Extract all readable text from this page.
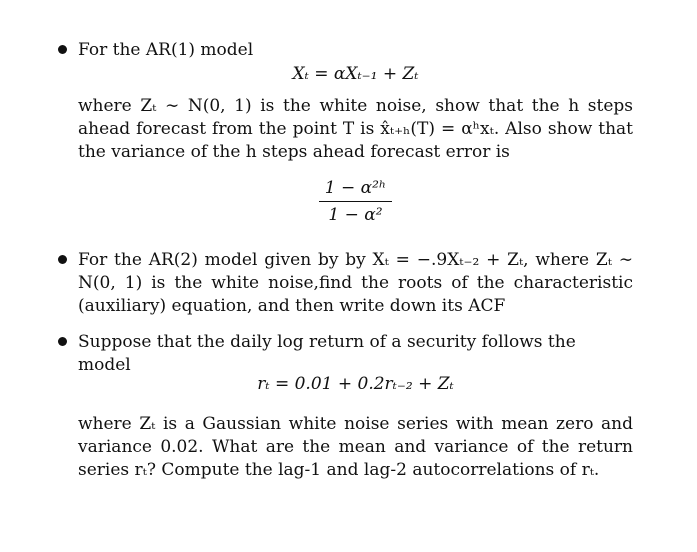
For the AR(1) model
Xₜ = αXₜ₋₁ + Zₜ
where Zₜ ∼ N(0, 1) is the white noise, show that the h steps ahead forecast from the point T is x̂ₜ₊ₕ(T) = αʰxₜ. Also show that the variance of the h steps ahead forecast error is
$\frac{\text{1 − α²ʰ}}{\text{1 − α²}}$
For the AR(2) model given by by Xₜ = −.9Xₜ₋₂ + Zₜ, where Zₜ ∼ N(0, 1) is the white noise,find the roots of the characteristic (auxiliary) equation, and then write down its ACF
Suppose that the daily log return of a security follows the model
rₜ = 0.01 + 0.2rₜ₋₂ + Zₜ
where Zₜ is a Gaussian white noise series with mean zero and variance 0.02. What are the mean and variance of the return series rₜ? Compute the lag-1 and lag-2 autocorrelations of rₜ.
